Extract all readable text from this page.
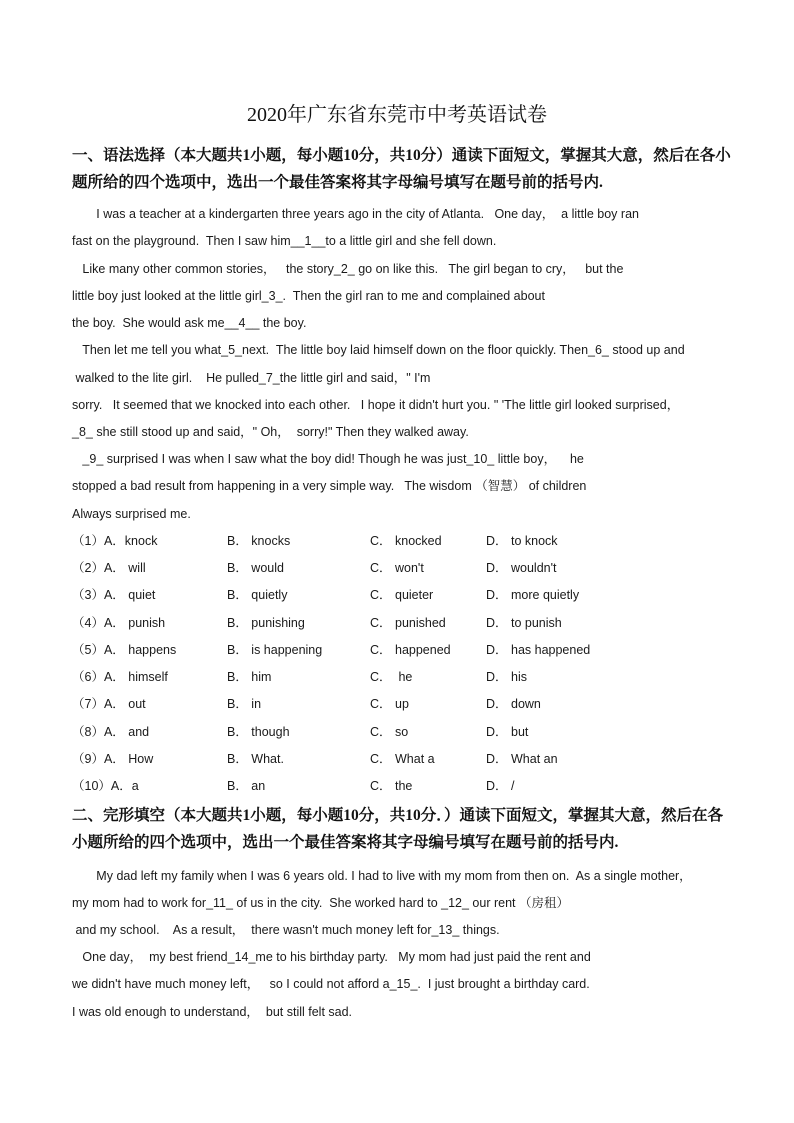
2020年广东省东莞市中考英语试卷
一、语法选择（本大题共1小题，每小题10分，共10分）通读下面短文，掌握其大意，然后在各小题所给的四个选项中，选出一个最佳答案将其字母编号填写在题号前的括号内.
I was a teacher at a kindergarten three years ago in the city of Atlanta.   One day，  a little boy ran
fast on the playground.  Then I saw him__1__to a little girl and she fell down.
Like many other common stories，   the story_2_ go on like this.   The girl began to cry，   but the
little boy just looked at the little girl_3_.  Then the girl ran to me and complained about
the boy.  She would ask me__4__ the boy.
Then let me tell you what_5_next.  The little boy laid himself down on the floor quickly. Then_6_ stood up and
walked to the lite girl.    He pulled_7_the little girl and said，" I'm
sorry.   It seemed that we knocked into each other.   I hope it didn't hurt you. " 'The little girl looked surprised，
_8_ she still stood up and said，" Oh，  sorry!" Then they walked away.
_9_ surprised I was when I saw what the boy did! Though he was just_10_ little boy，    he
stopped a bad result from happening in a very simple way.   The wisdom （智慧） of children
Always surprised me.
（1）A．knock	B． knocks	C． knocked	D． to knock
（2）A． will	B． would	C． won't	D． wouldn't
（3）A． quiet	B． quietly	C． quieter	D． more quietly
（4）A． punish	B． punishing	C． punished	D． to punish
（5）A． happens	B． is happening	C． happened	D． has happened
（6）A． himself	B． him	C．  he	D． his
（7）A． out	B． in	C． up	D． down
（8）A． and	B． though	C． so	D． but
（9）A． How	B． What.	C． What a	D． What an
（10）A．a	B． an	C． the	D． /
二、完形填空（本大题共1小题，每小题10分，共10分．）通读下面短文，掌握其大意，然后在各小题所给的四个选项中，选出一个最佳答案将其字母编号填写在题号前的括号内.
My dad left my family when I was 6 years old. I had to live with my mom from then on.  As a single mother，
my mom had to work for_11_ of us in the city.  She worked hard to _12_ our rent （房租）
and my school.    As a result，  there wasn't much money left for_13_ things.
One day，  my best friend_14_me to his birthday party.   My mom had just paid the rent and
we didn't have much money left，   so I could not afford a_15_.  I just brought a birthday card.
I was old enough to understand，  but still felt sad.
